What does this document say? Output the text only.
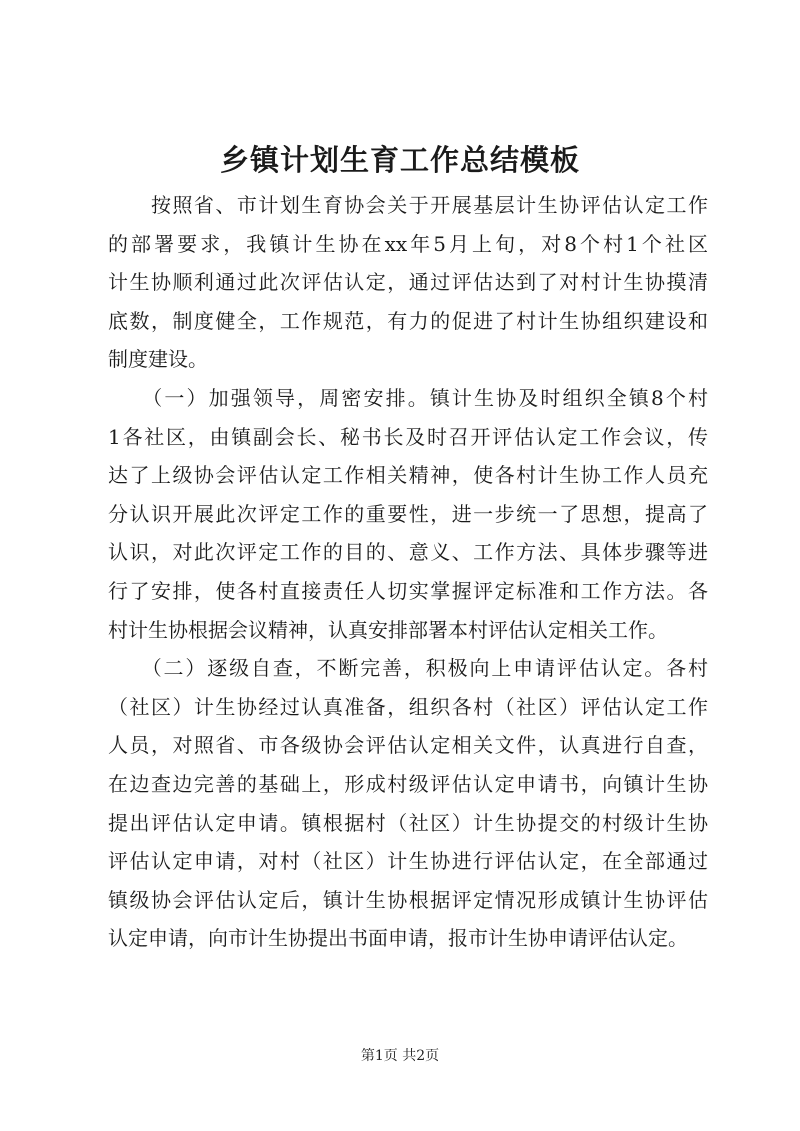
乡镇计划生育工作总结模板
　　按照省、市计划生育协会关于开展基层计生协评估认定工作
的部署要求，我镇计生协在xx年5月上旬，对8个村1个社区
计生协顺利通过此次评估认定，通过评估达到了对村计生协摸清
底数，制度健全，工作规范，有力的促进了村计生协组织建设和
制度建设。
　　（一）加强领导，周密安排。镇计生协及时组织全镇8个村
1各社区，由镇副会长、秘书长及时召开评估认定工作会议，传
达了上级协会评估认定工作相关精神，使各村计生协工作人员充
分认识开展此次评定工作的重要性，进一步统一了思想，提高了
认识，对此次评定工作的目的、意义、工作方法、具体步骤等进
行了安排，使各村直接责任人切实掌握评定标准和工作方法。各
村计生协根据会议精神，认真安排部署本村评估认定相关工作。
　　（二）逐级自查，不断完善，积极向上申请评估认定。各村
（社区）计生协经过认真准备，组织各村（社区）评估认定工作
人员，对照省、市各级协会评估认定相关文件，认真进行自查，
在边查边完善的基础上，形成村级评估认定申请书，向镇计生协
提出评估认定申请。镇根据村（社区）计生协提交的村级计生协
评估认定申请，对村（社区）计生协进行评估认定，在全部通过
镇级协会评估认定后，镇计生协根据评定情况形成镇计生协评估
认定申请，向市计生协提出书面申请，报市计生协申请评估认定。
第1页 共2页
